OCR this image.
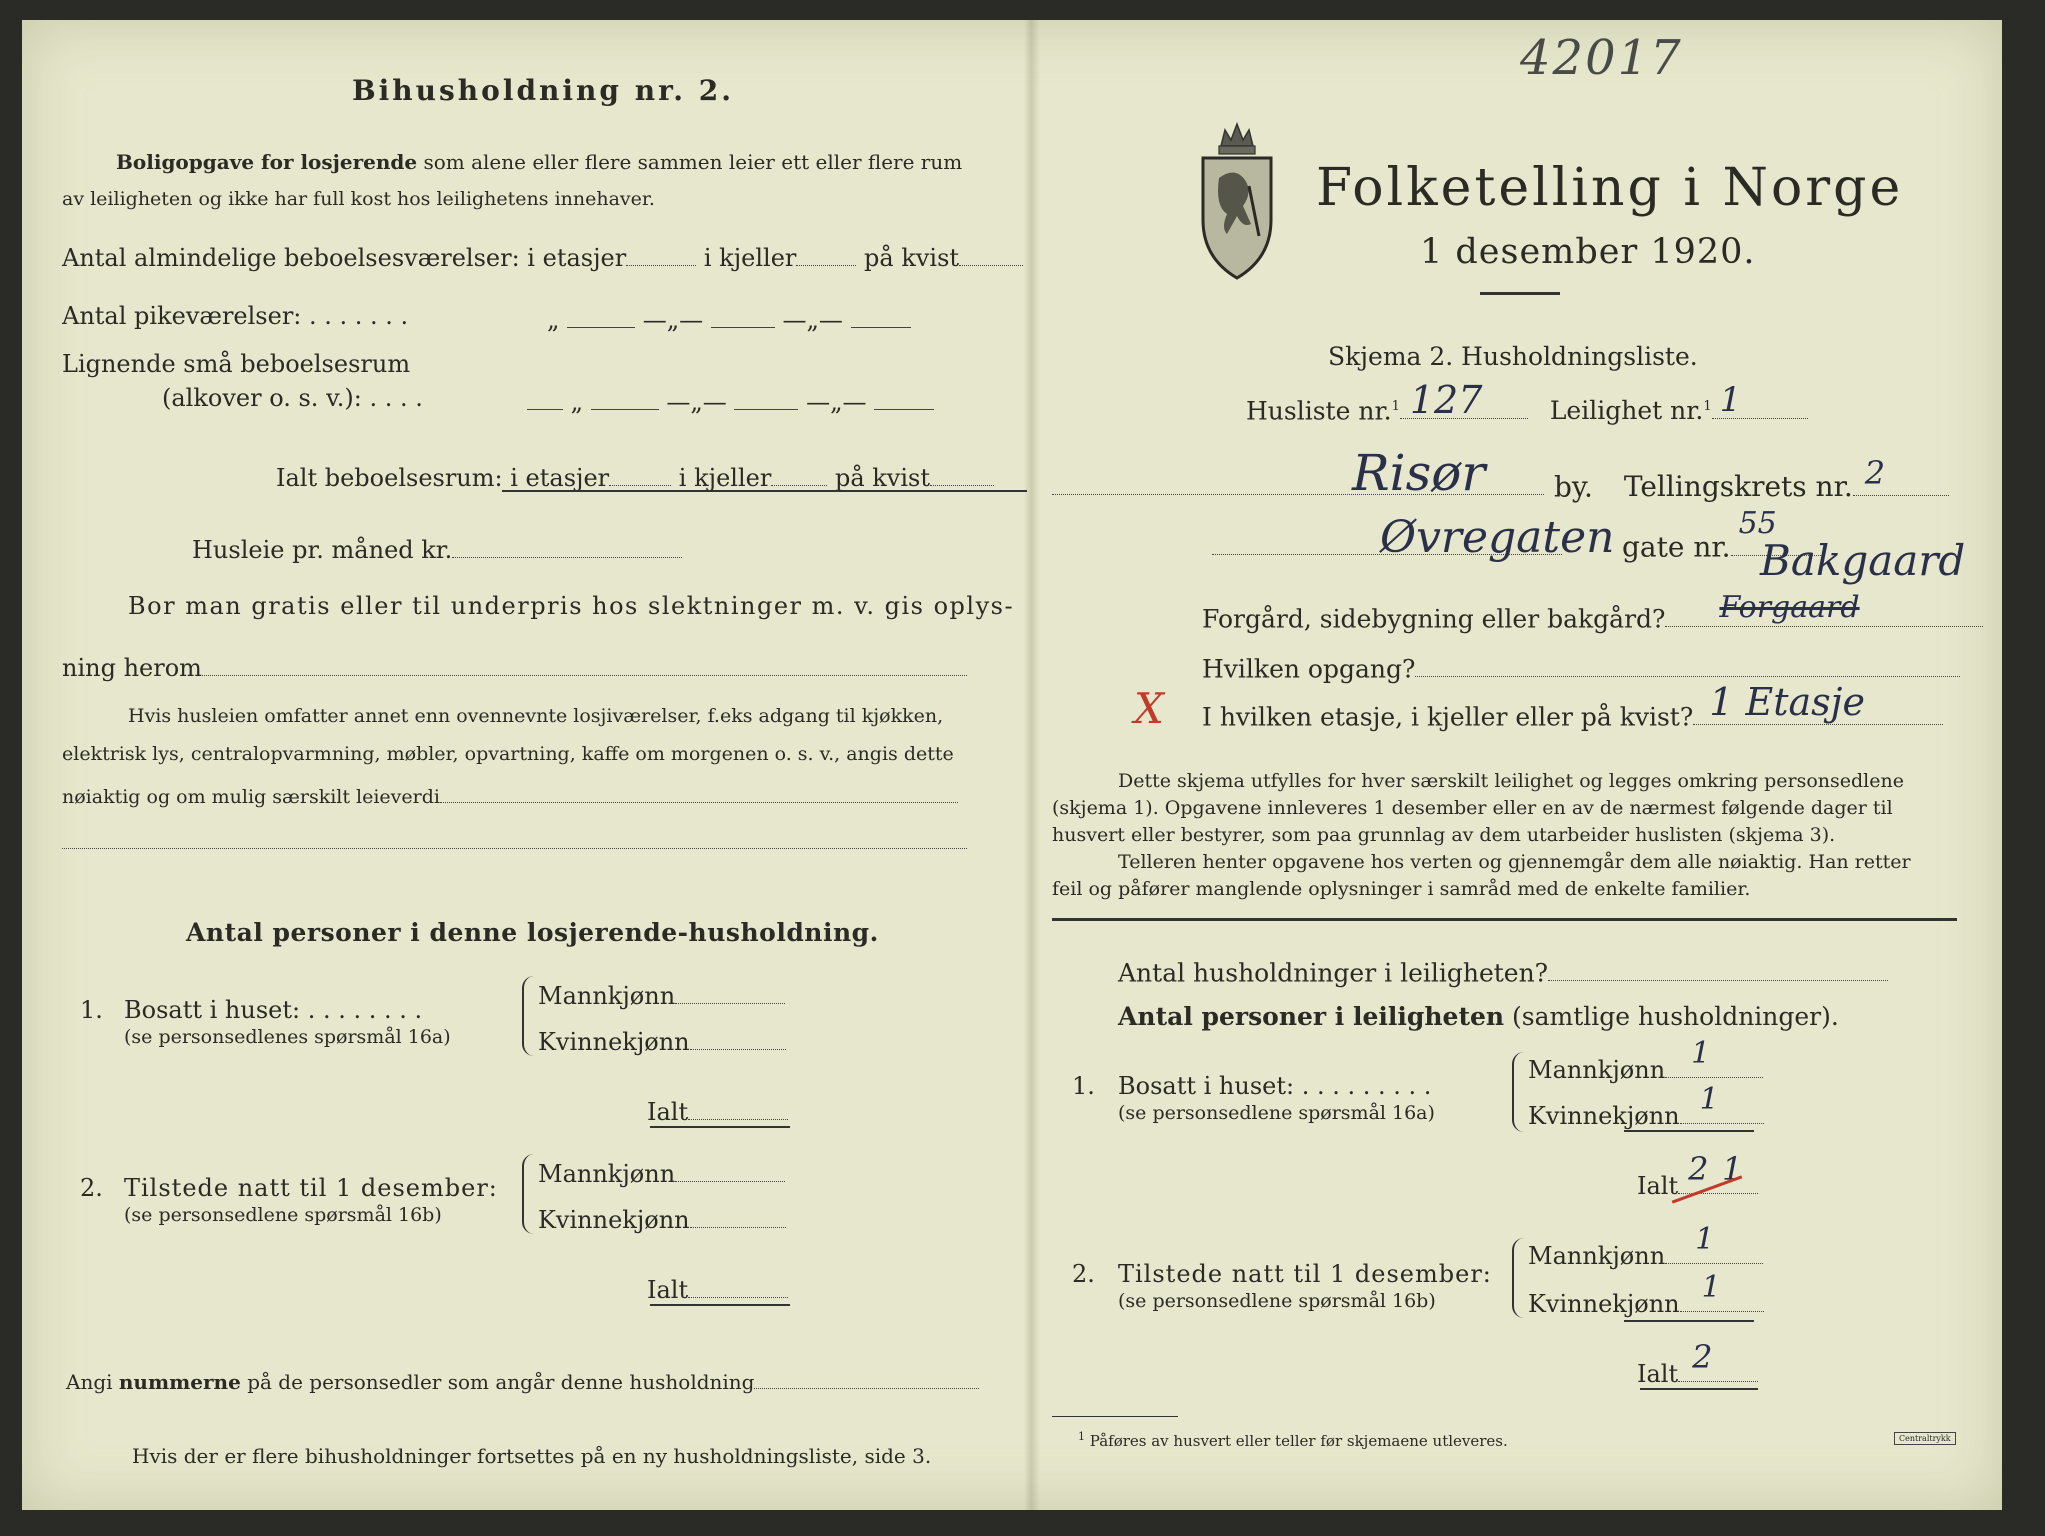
Bihusholdning nr. 2.
Boligopgave for losjerende som alene eller flere sammen leier ett eller flere rum
av leiligheten og ikke har full kost hos leilighetens innehaver.
Antal almindelige beboelsesværelser: i etasjer	i kjeller	på kvist
Antal pikeværelser: . . . . . . .	„	—„—	—„—
Lignende små beboelsesrum
(alkover o. s. v.): . . . .	„	—„—	—„—
Ialt beboelsesrum: i etasjer	i kjeller	på kvist
Husleie pr. måned kr.
Bor man gratis eller til underpris hos slektninger m. v. gis oplys-
ning herom
Hvis husleien omfatter annet enn ovennevnte losjiværelser, f.eks adgang til kjøkken,
elektrisk lys, centralopvarmning, møbler, opvartning, kaffe om morgenen o. s. v., angis dette
nøiaktig og om mulig særskilt leieverdi
Antal personer i denne losjerende-husholdning.
1. Bosatt i huset: . . . . . . . .
(se personsedlenes spørsmål 16a)
Mannkjønn
Kvinnekjønn
Ialt
2. Tilstede natt til 1 desember:
(se personsedlene spørsmål 16b)
Mannkjønn
Kvinnekjønn
Ialt
Angi nummerne på de personsedler som angår denne husholdning
Hvis der er flere bihusholdninger fortsettes på en ny husholdningsliste, side 3.
42017
Folketelling i Norge
1 desember 1920.
Skjema 2. Husholdningsliste.
Husliste nr.$^1$ 127	Leilighet nr.$^1$ 1
Risør by. Tellingskrets nr. 2
Øvregaten gate nr.
55
Bakgaard
Forgård, sidebygning eller bakgård? Forgaard
Hvilken opgang?
X I hvilken etasje, i kjeller eller på kvist? 1 Etasje
Dette skjema utfylles for hver særskilt leilighet og legges omkring personsedlene
(skjema 1). Opgavene innleveres 1 desember eller en av de nærmest følgende dager til
husvert eller bestyrer, som paa grunnlag av dem utarbeider huslisten (skjema 3).
Telleren henter opgavene hos verten og gjennemgår dem alle nøiaktig. Han retter
feil og påfører manglende oplysninger i samråd med de enkelte familier.
Antal husholdninger i leiligheten?
Antal personer i leiligheten (samtlige husholdninger).
1. Bosatt i huset: . . . . . . . . .
(se personsedlene spørsmål 16a)
Mannkjønn 1
Kvinnekjønn 1
Ialt 2 1
2. Tilstede natt til 1 desember:
(se personsedlene spørsmål 16b)
Mannkjønn 1
Kvinnekjønn 1
Ialt 2
$^1$ Påføres av husvert eller teller før skjemaene utleveres.	Centraltrykk
